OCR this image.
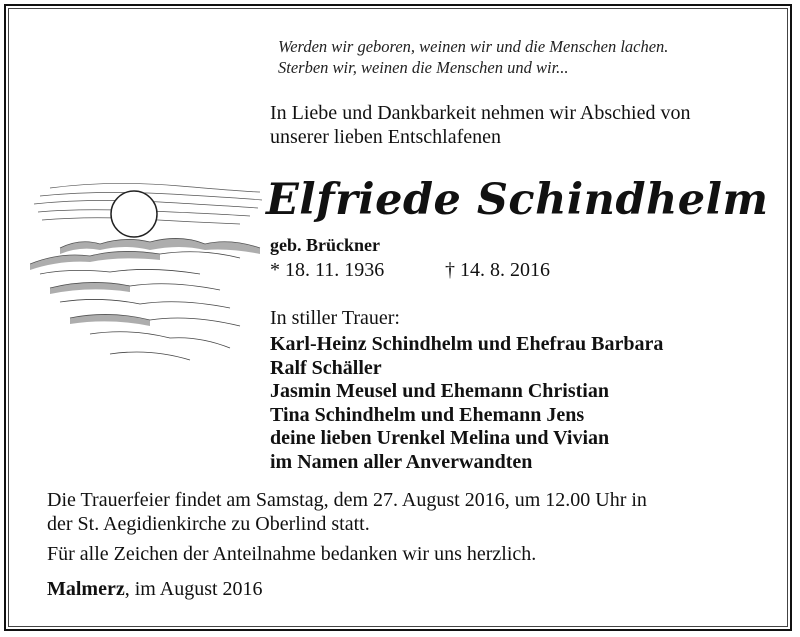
Werden wir geboren, weinen wir und die Menschen lachen.
Sterben wir, weinen die Menschen und wir...
In Liebe und Dankbarkeit nehmen wir Abschied von
unserer lieben Entschlafenen
Elfriede Schindhelm
geb. Brückner
* 18. 11. 1936	† 14. 8. 2016
In stiller Trauer:
Karl-Heinz Schindhelm und Ehefrau Barbara
Ralf Schäller
Jasmin Meusel und Ehemann Christian
Tina Schindhelm und Ehemann Jens
deine lieben Urenkel Melina und Vivian
im Namen aller Anverwandten
Die Trauerfeier findet am Samstag, dem 27. August 2016, um 12.00 Uhr in
der St. Aegidienkirche zu Oberlind statt.
Für alle Zeichen der Anteilnahme bedanken wir uns herzlich.
Malmerz, im August 2016
